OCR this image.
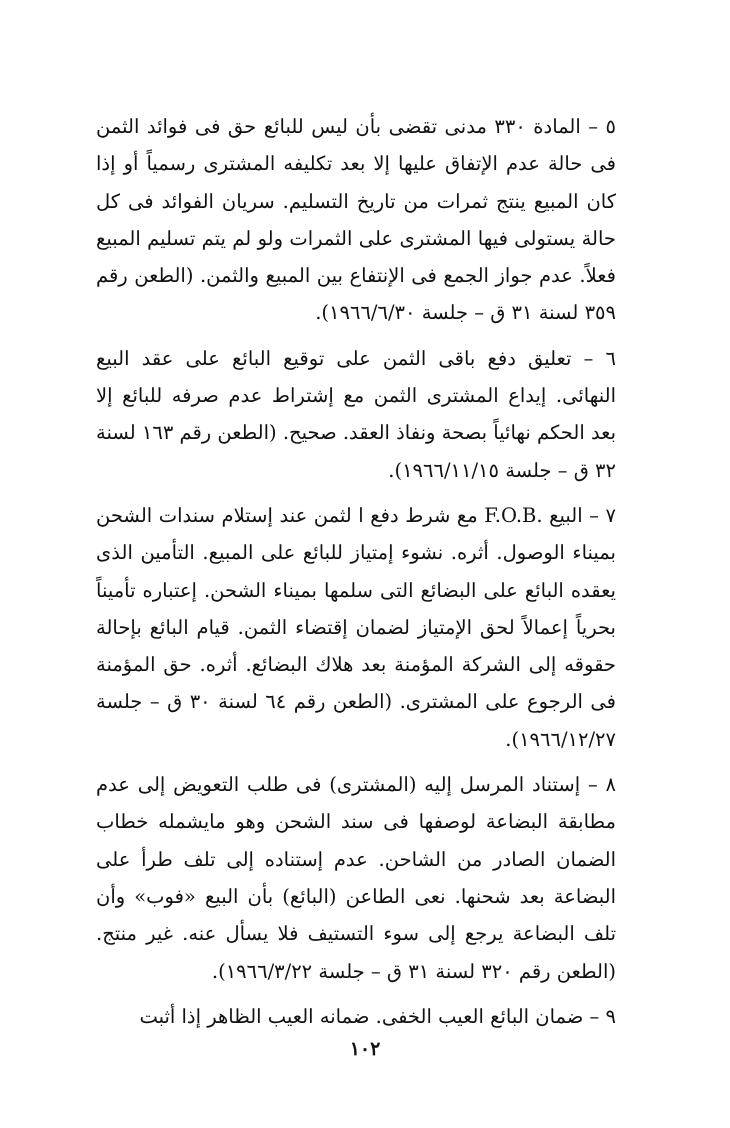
٥ – المادة ٣٣٠ مدنى تقضى بأن ليس للبائع حق فى فوائد الثمن فى حالة عدم الإتفاق عليها إلا بعد تكليفه المشترى رسمياً أو إذا كان المبيع ينتج ثمرات من تاريخ التسليم. سريان الفوائد فى كل حالة يستولى فيها المشترى على الثمرات ولو لم يتم تسليم المبيع فعلاً. عدم جواز الجمع فى الإنتفاع بين المبيع والثمن. (الطعن رقم ٣٥٩ لسنة ٣١ ق – جلسة ١٩٦٦/٦/٣٠).

٦ – تعليق دفع باقى الثمن على توقيع البائع على عقد البيع النهائى. إيداع المشترى الثمن مع إشتراط عدم صرفه للبائع إلا بعد الحكم نهائياً بصحة ونفاذ العقد. صحيح. (الطعن رقم ١٦٣ لسنة ٣٢ ق – جلسة ١٩٦٦/١١/١٥).

٧ – البيع .F.O.B مع شرط دفع ا لثمن عند إستلام سندات الشحن بميناء الوصول. أثره. نشوء إمتياز للبائع على المبيع. التأمين الذى يعقده البائع على البضائع التى سلمها بميناء الشحن. إعتباره تأميناً بحرياً إعمالاً لحق الإمتياز لضمان إقتضاء الثمن. قيام البائع بإحالة حقوقه إلى الشركة المؤمنة بعد هلاك البضائع. أثره. حق المؤمنة فى الرجوع على المشترى. (الطعن رقم ٦٤ لسنة ٣٠ ق – جلسة ١٩٦٦/١٢/٢٧).

٨ – إستناد المرسل إليه (المشترى) فى طلب التعويض إلى عدم مطابقة البضاعة لوصفها فى سند الشحن وهو مايشمله خطاب الضمان الصادر من الشاحن. عدم إستناده إلى تلف طرأ على البضاعة بعد شحنها. نعى الطاعن (البائع) بأن البيع «فوب» وأن تلف البضاعة يرجع إلى سوء التستيف فلا يسأل عنه. غير منتج. (الطعن رقم ٣٢٠ لسنة ٣١ ق – جلسة ١٩٦٦/٣/٢٢).

٩ – ضمان البائع العيب الخفى. ضمانه العيب الظاهر إذا أثبت

١٠٢
